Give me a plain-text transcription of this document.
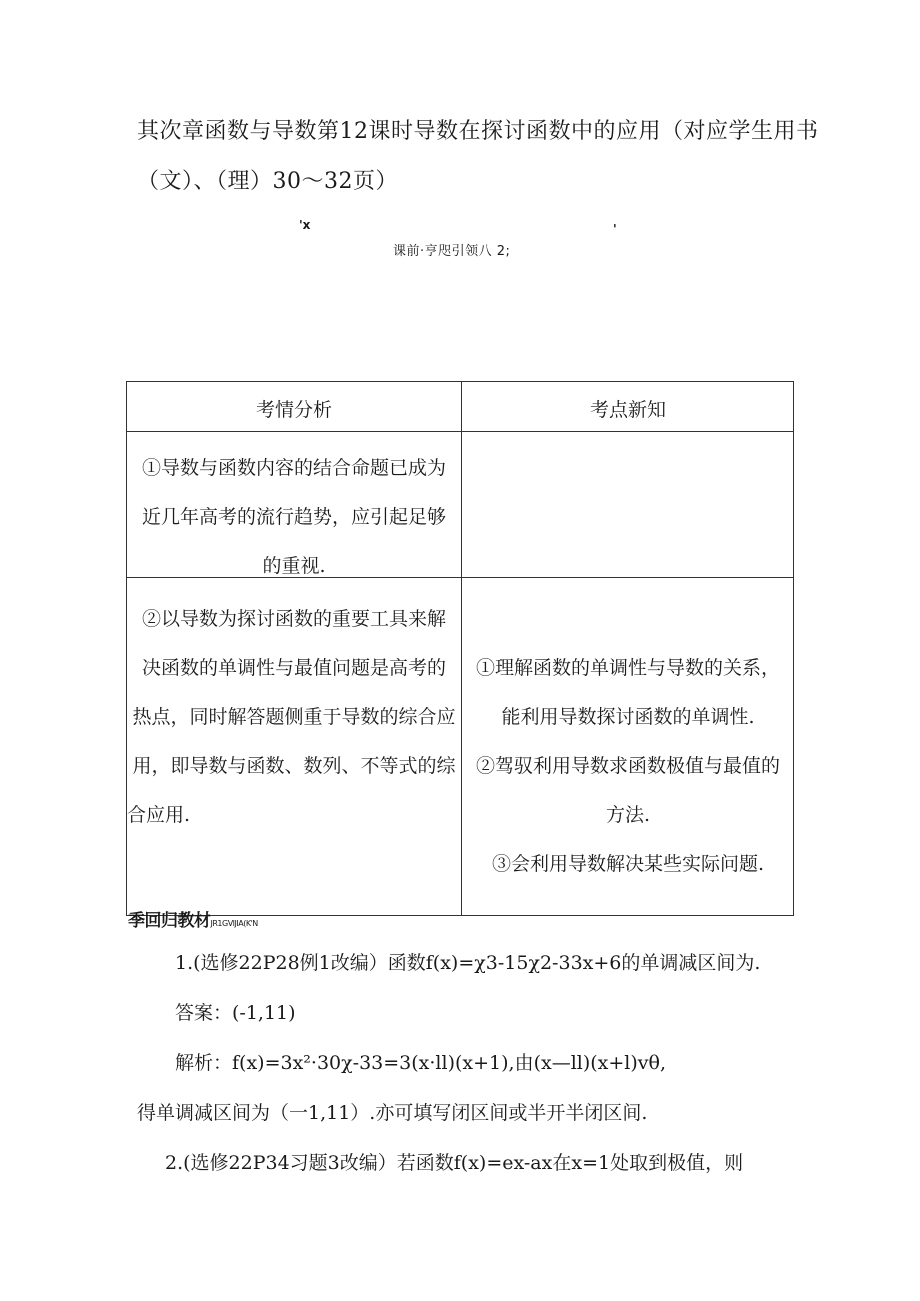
其次章函数与导数第12课时导数在探讨函数中的应用（对应学生用书
（文）、（理）30～32页）
'x	'
课前·亨咫引领八 2;
考情分析	考点新知
①导数与函数内容的结合命题已成为
近几年高考的流行趋势，应引起足够
的重视.
②以导数为探讨函数的重要工具来解
决函数的单调性与最值问题是高考的
热点，同时解答题侧重于导数的综合应
用，即导数与函数、数列、不等式的综
合应用.
①理解函数的单调性与导数的关系，
能利用导数探讨函数的单调性.
②驾驭利用导数求函数极值与最值的
方法.
③会利用导数解决某些实际问题.
季回归教材JR1GVIJIA(K'N
1.(选修22P28例1改编）函数f(x)=χ3-15χ2-33x+6的单调减区间为.
答案：(-1,11)
解析：f(x)=3x²·30χ-33=3(x·ll)(x+1),由(x—ll)(x+l)vθ,
得单调减区间为（一1,11）.亦可填写闭区间或半开半闭区间.
2.(选修22P34习题3改编）若函数f(x)=ex-ax在x=1处取到极值，则
